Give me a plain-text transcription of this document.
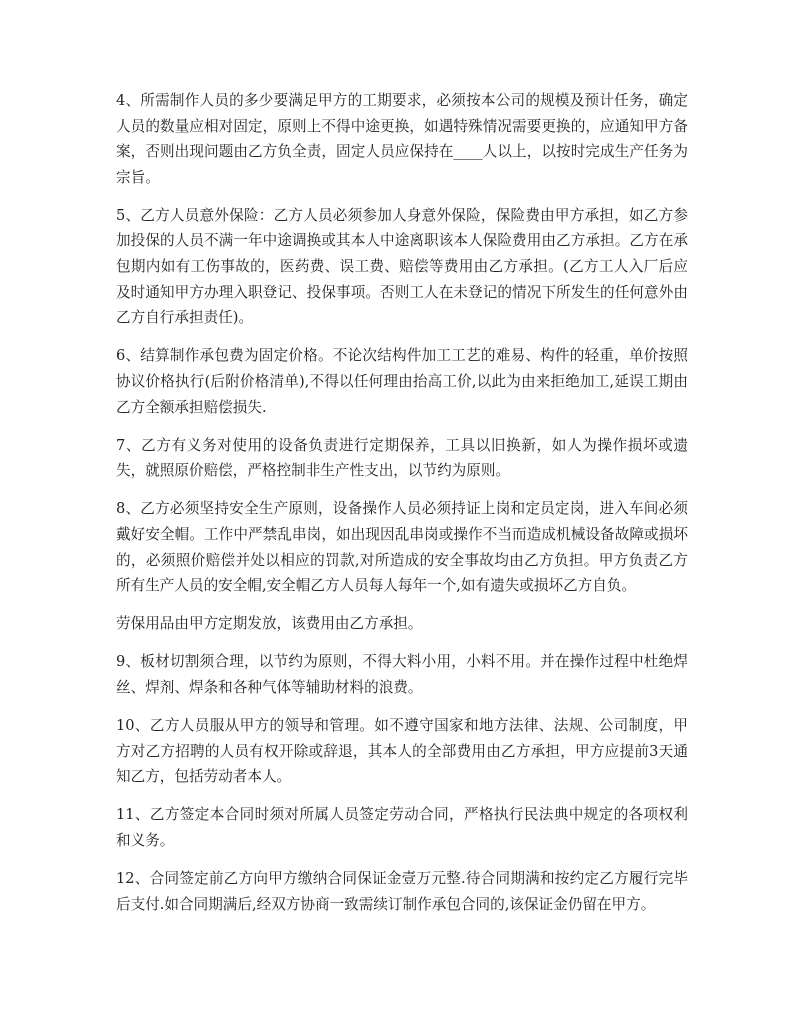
4、所需制作人员的多少要满足甲方的工期要求，必须按本公司的规模及预计任务，确定人员的数量应相对固定，原则上不得中途更换，如遇特殊情况需要更换的，应通知甲方备案，否则出现问题由乙方负全责，固定人员应保持在____人以上，以按时完成生产任务为宗旨。

5、乙方人员意外保险：乙方人员必须参加人身意外保险，保险费由甲方承担，如乙方参加投保的人员不满一年中途调换或其本人中途离职该本人保险费用由乙方承担。乙方在承包期内如有工伤事故的，医药费、误工费、赔偿等费用由乙方承担。(乙方工人入厂后应及时通知甲方办理入职登记、投保事项。否则工人在未登记的情况下所发生的任何意外由乙方自行承担责任)。

6、结算制作承包费为固定价格。不论次结构件加工工艺的难易、构件的轻重，单价按照协议价格执行(后附价格清单),不得以任何理由抬高工价,以此为由来拒绝加工,延误工期由乙方全额承担赔偿损失.

7、乙方有义务对使用的设备负责进行定期保养，工具以旧换新，如人为操作损坏或遗失，就照原价赔偿，严格控制非生产性支出，以节约为原则。

8、乙方必须坚持安全生产原则，设备操作人员必须持证上岗和定员定岗，进入车间必须戴好安全帽。工作中严禁乱串岗，如出现因乱串岗或操作不当而造成机械设备故障或损坏的，必须照价赔偿并处以相应的罚款,对所造成的安全事故均由乙方负担。甲方负责乙方所有生产人员的安全帽,安全帽乙方人员每人每年一个,如有遗失或损坏乙方自负。

劳保用品由甲方定期发放，该费用由乙方承担。

9、板材切割须合理，以节约为原则，不得大料小用，小料不用。并在操作过程中杜绝焊丝、焊剂、焊条和各种气体等辅助材料的浪费。

10、乙方人员服从甲方的领导和管理。如不遵守国家和地方法律、法规、公司制度，甲方对乙方招聘的人员有权开除或辞退，其本人的全部费用由乙方承担，甲方应提前3天通知乙方，包括劳动者本人。

11、乙方签定本合同时须对所属人员签定劳动合同，严格执行民法典中规定的各项权利和义务。

12、合同签定前乙方向甲方缴纳合同保证金壹万元整.待合同期满和按约定乙方履行完毕后支付.如合同期满后,经双方协商一致需续订制作承包合同的,该保证金仍留在甲方。
